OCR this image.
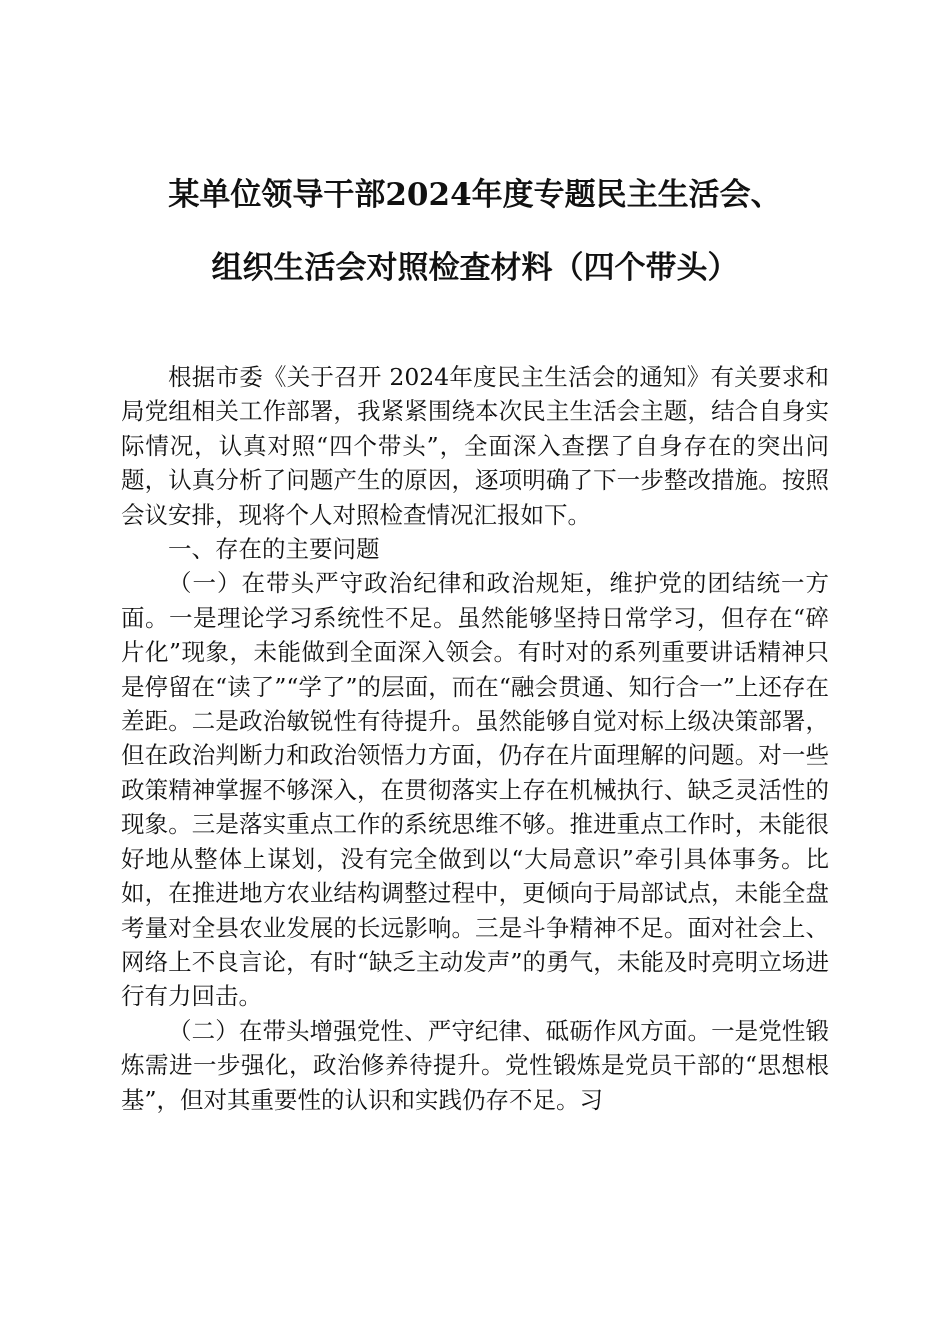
某单位领导干部2024年度专题民主生活会、
组织生活会对照检查材料（四个带头）

根据市委《关于召开 2024年度民主生活会的通知》有关要求和局党组相关工作部署，我紧紧围绕本次民主生活会主题，结合自身实际情况，认真对照“四个带头”，全面深入查摆了自身存在的突出问题，认真分析了问题产生的原因，逐项明确了下一步整改措施。按照会议安排，现将个人对照检查情况汇报如下。

一、存在的主要问题

（一）在带头严守政治纪律和政治规矩，维护党的团结统一方面。一是理论学习系统性不足。虽然能够坚持日常学习，但存在“碎片化”现象，未能做到全面深入领会。有时对的系列重要讲话精神只是停留在“读了”“学了”的层面，而在“融会贯通、知行合一”上还存在差距。二是政治敏锐性有待提升。虽然能够自觉对标上级决策部署，但在政治判断力和政治领悟力方面，仍存在片面理解的问题。对一些政策精神掌握不够深入，在贯彻落实上存在机械执行、缺乏灵活性的现象。三是落实重点工作的系统思维不够。推进重点工作时，未能很好地从整体上谋划，没有完全做到以“大局意识”牵引具体事务。比如，在推进地方农业结构调整过程中，更倾向于局部试点，未能全盘考量对全县农业发展的长远影响。三是斗争精神不足。面对社会上、网络上不良言论，有时“缺乏主动发声”的勇气，未能及时亮明立场进行有力回击。

（二）在带头增强党性、严守纪律、砥砺作风方面。一是党性锻炼需进一步强化，政治修养待提升。党性锻炼是党员干部的“思想根基”，但对其重要性的认识和实践仍存不足。习
